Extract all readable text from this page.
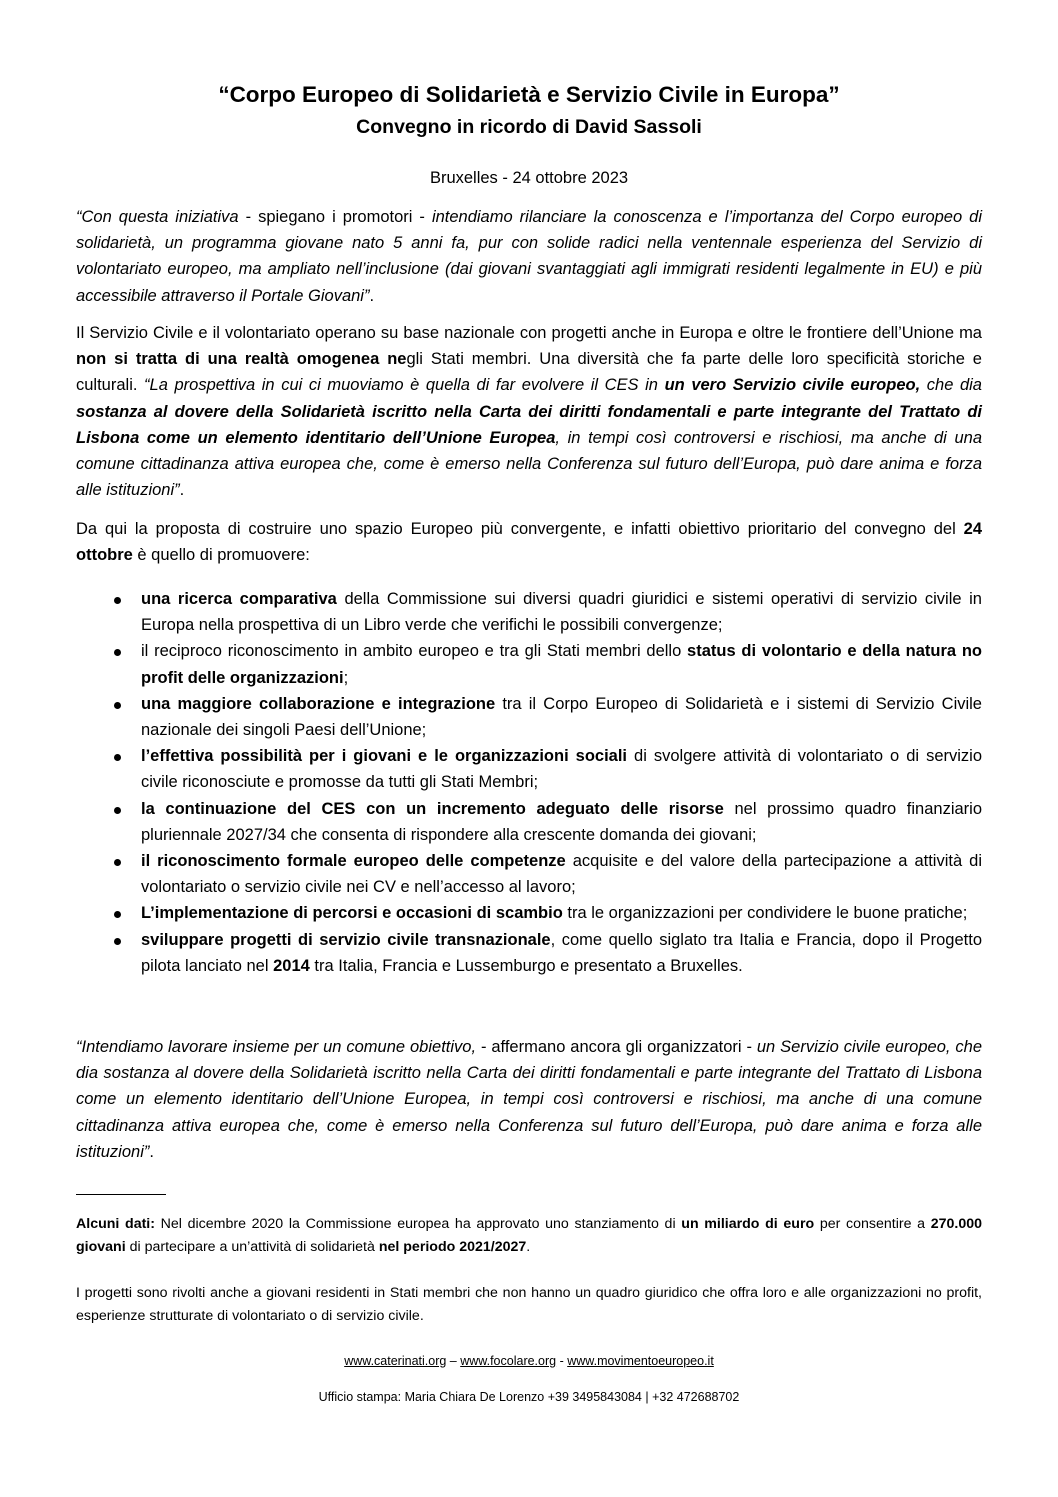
“Corpo Europeo di Solidarietà e Servizio Civile in Europa”
Convegno in ricordo di David Sassoli
Bruxelles - 24 ottobre 2023

“Con questa iniziativa - spiegano i promotori - intendiamo rilanciare la conoscenza e l’importanza del Corpo europeo di solidarietà, un programma giovane nato 5 anni fa, pur con solide radici nella ventennale esperienza del Servizio di volontariato europeo, ma ampliato nell’inclusione (dai giovani svantaggiati agli immigrati residenti legalmente in EU) e più accessibile attraverso il Portale Giovani”.

Il Servizio Civile e il volontariato operano su base nazionale con progetti anche in Europa e oltre le frontiere dell’Unione ma non si tratta di una realtà omogenea negli Stati membri. Una diversità che fa parte delle loro specificità storiche e culturali. “La prospettiva in cui ci muoviamo è quella di far evolvere il CES in un vero Servizio civile europeo, che dia sostanza al dovere della Solidarietà iscritto nella Carta dei diritti fondamentali e parte integrante del Trattato di Lisbona come un elemento identitario dell’Unione Europea, in tempi così controversi e rischiosi, ma anche di una comune cittadinanza attiva europea che, come è emerso nella Conferenza sul futuro dell’Europa, può dare anima e forza alle istituzioni”.

Da qui la proposta di costruire uno spazio Europeo più convergente, e infatti obiettivo prioritario del convegno del 24 ottobre è quello di promuovere:

una ricerca comparativa della Commissione sui diversi quadri giuridici e sistemi operativi di servizio civile in Europa nella prospettiva di un Libro verde che verifichi le possibili convergenze;
il reciproco riconoscimento in ambito europeo e tra gli Stati membri dello status di volontario e della natura no profit delle organizzazioni;
una maggiore collaborazione e integrazione tra il Corpo Europeo di Solidarietà e i sistemi di Servizio Civile nazionale dei singoli Paesi dell’Unione;
l’effettiva possibilità per i giovani e le organizzazioni sociali di svolgere attività di volontariato o di servizio civile riconosciute e promosse da tutti gli Stati Membri;
la continuazione del CES con un incremento adeguato delle risorse nel prossimo quadro finanziario pluriennale 2027/34 che consenta di rispondere alla crescente domanda dei giovani;
il riconoscimento formale europeo delle competenze acquisite e del valore della partecipazione a attività di volontariato o servizio civile nei CV e nell’accesso al lavoro;
L’implementazione di percorsi e occasioni di scambio tra le organizzazioni per condividere le buone pratiche;
sviluppare progetti di servizio civile transnazionale, come quello siglato tra Italia e Francia, dopo il Progetto pilota lanciato nel 2014 tra Italia, Francia e Lussemburgo e presentato a Bruxelles.

“Intendiamo lavorare insieme per un comune obiettivo, - affermano ancora gli organizzatori - un Servizio civile europeo, che dia sostanza al dovere della Solidarietà iscritto nella Carta dei diritti fondamentali e parte integrante del Trattato di Lisbona come un elemento identitario dell’Unione Europea, in tempi così controversi e rischiosi, ma anche di una comune cittadinanza attiva europea che, come è emerso nella Conferenza sul futuro dell’Europa, può dare anima e forza alle istituzioni”.

Alcuni dati: Nel dicembre 2020 la Commissione europea ha approvato uno stanziamento di un miliardo di euro per consentire a 270.000 giovani di partecipare a un’attività di solidarietà nel periodo 2021/2027.

I progetti sono rivolti anche a giovani residenti in Stati membri che non hanno un quadro giuridico che offra loro e alle organizzazioni no profit, esperienze strutturate di volontariato o di servizio civile.

www.caterinati.org – www.focolare.org - www.movimentoeuropeo.it
Ufficio stampa: Maria Chiara De Lorenzo +39 3495843084 | +32 472688702
